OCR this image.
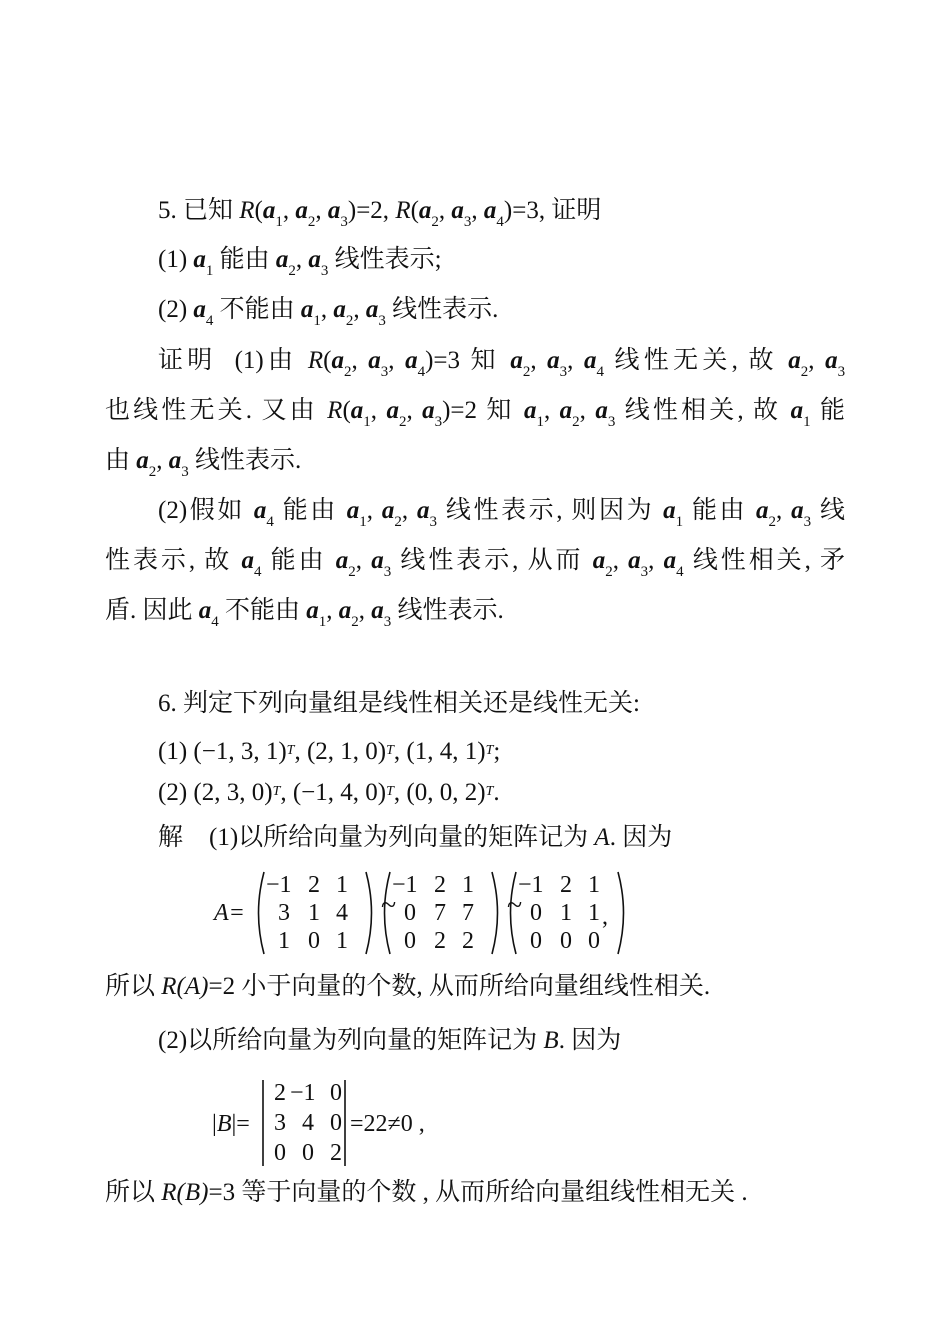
5. 已知 $R(a_1$, $a_2$, $a_3)=2$, $R(a_2$, $a_3$, $a_4)=3$, 证明
(1) $a_1$ 能由 $a_2$, $a_3$ 线性表示;
(2) $a_4$ 不能由 $a_1$, $a_2$, $a_3$ 线性表示.
证明 (1)由 $R(a_2$, $a_3$, $a_4)=3$ 知 $a_2$, $a_3$, $a_4$ 线性无关, 故 $a_2$, $a_3$
也线性无关. 又由 $R(a_1$, $a_2$, $a_3)=2$ 知 $a_1$, $a_2$, $a_3$ 线性相关, 故 $a_1$ 能
由 $a_2$, $a_3$ 线性表示.
(2)假如 $a_4$ 能由 $a_1$, $a_2$, $a_3$ 线性表示, 则因为 $a_1$ 能由 $a_2$, $a_3$ 线
性表示, 故 $a_4$ 能由 $a_2$, $a_3$ 线性表示, 从而 $a_2$, $a_3$, $a_4$ 线性相关, 矛
盾. 因此 $a_4$ 不能由 $a_1$, $a_2$, $a_3$ 线性表示.
6. 判定下列向量组是线性相关还是线性无关:
(1) (−1, 3, 1)$^T$, (2, 1, 0)$^T$, (1, 4, 1)$^T$;
(2) (2, 3, 0)$^T$, (−1, 4, 0)$^T$, (0, 0, 2)$^T$.
解 (1)以所给向量为列向量的矩阵记为 A. 因为
A=
−1 2 1
3 1 4
1 0 1
~
−1 2 1
0 7 7
0 2 2
~
−1 2 1
0 1 1
0 0 0
,
所以 R(A)=2 小于向量的个数, 从而所给向量组线性相关.
(2)以所给向量为列向量的矩阵记为 B. 因为
|B|=
2 −1 0
3 4 0
0 0 2
=22≠0 ,
所以 R(B)=3 等于向量的个数 , 从而所给向量组线性相无关 .
